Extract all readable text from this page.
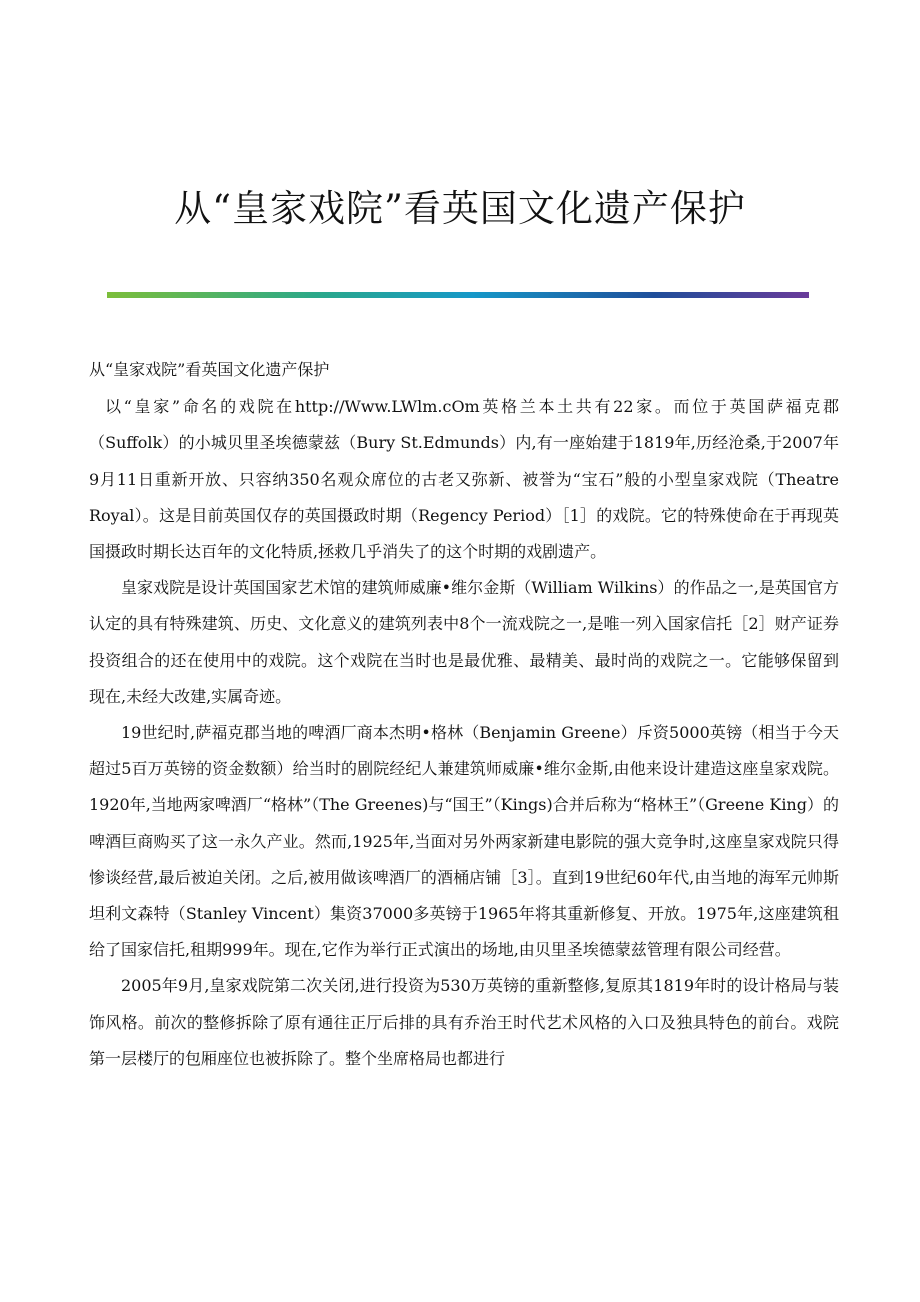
从“皇家戏院”看英国文化遗产保护

从“皇家戏院”看英国文化遗产保护

以“皇家”命名的戏院在http://Www.LWlm.cOm英格兰本土共有22家。而位于英国萨福克郡（Suffolk）的小城贝里圣埃德蒙兹（Bury St.Edmunds）内,有一座始建于1819年,历经沧桑,于2007年9月11日重新开放、只容纳350名观众席位的古老又弥新、被誉为“宝石”般的小型皇家戏院（Theatre Royal）。这是目前英国仅存的英国摄政时期（Regency Period）［1］的戏院。它的特殊使命在于再现英国摄政时期长达百年的文化特质,拯救几乎消失了的这个时期的戏剧遗产。

皇家戏院是设计英国国家艺术馆的建筑师威廉•维尔金斯（William Wilkins）的作品之一,是英国官方认定的具有特殊建筑、历史、文化意义的建筑列表中8个一流戏院之一,是唯一列入国家信托［2］财产证券投资组合的还在使用中的戏院。这个戏院在当时也是最优雅、最精美、最时尚的戏院之一。它能够保留到现在,未经大改建,实属奇迹。

19世纪时,萨福克郡当地的啤酒厂商本杰明•格林（Benjamin Greene）斥资5000英镑（相当于今天超过5百万英镑的资金数额）给当时的剧院经纪人兼建筑师威廉•维尔金斯,由他来设计建造这座皇家戏院。1920年,当地两家啤酒厂“格林”（The Greenes)与“国王”（Kings)合并后称为“格林王”（Greene King）的啤酒巨商购买了这一永久产业。然而,1925年,当面对另外两家新建电影院的强大竞争时,这座皇家戏院只得惨谈经营,最后被迫关闭。之后,被用做该啤酒厂的酒桶店铺［3］。直到19世纪60年代,由当地的海军元帅斯坦利文森特（Stanley Vincent）集资37000多英镑于1965年将其重新修复、开放。1975年,这座建筑租给了国家信托,租期999年。现在,它作为举行正式演出的场地,由贝里圣埃德蒙兹管理有限公司经营。

2005年9月,皇家戏院第二次关闭,进行投资为530万英镑的重新整修,复原其1819年时的设计格局与装饰风格。前次的整修拆除了原有通往正厅后排的具有乔治王时代艺术风格的入口及独具特色的前台。戏院第一层楼厅的包厢座位也被拆除了。整个坐席格局也都进行
